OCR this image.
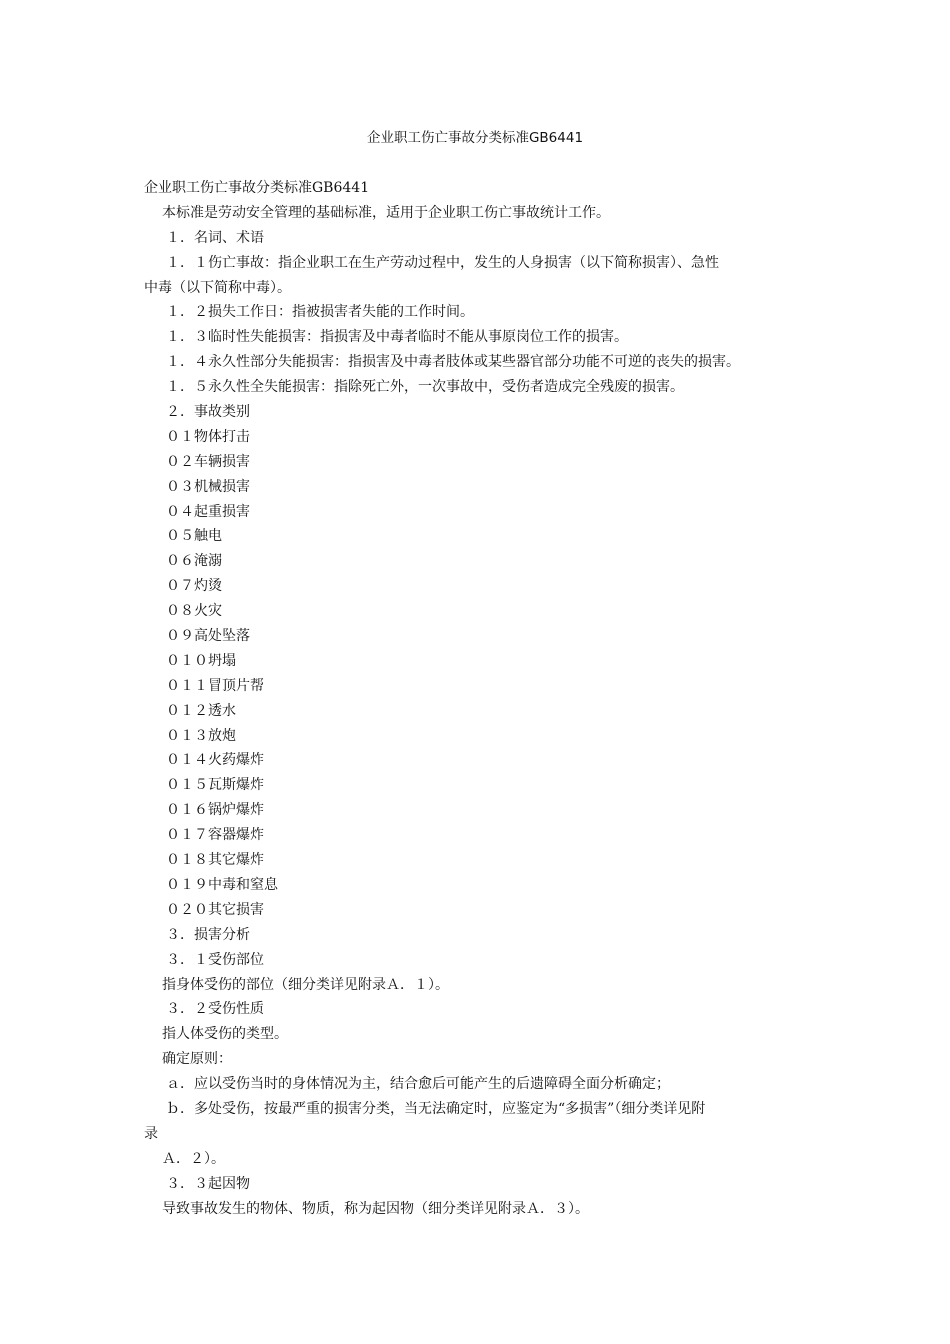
企业职工伤亡事故分类标准GB6441
企业职工伤亡事故分类标准GB6441
本标准是劳动安全管理的基础标准，适用于企业职工伤亡事故统计工作。
１．名词、术语
１．１伤亡事故：指企业职工在生产劳动过程中，发生的人身损害（以下简称损害）、急性
中毒（以下简称中毒）。
１．２损失工作日：指被损害者失能的工作时间。
１．３临时性失能损害：指损害及中毒者临时不能从事原岗位工作的损害。
１．４永久性部分失能损害：指损害及中毒者肢体或某些器官部分功能不可逆的丧失的损害。
１．５永久性全失能损害：指除死亡外，一次事故中，受伤者造成完全残废的损害。
２．事故类别
０１物体打击
０２车辆损害
０３机械损害
０４起重损害
０５触电
０６淹溺
０７灼烫
０８火灾
０９高处坠落
０１０坍塌
０１１冒顶片帮
０１２透水
０１３放炮
０１４火药爆炸
０１５瓦斯爆炸
０１６锅炉爆炸
０１７容器爆炸
０１８其它爆炸
０１９中毒和窒息
０２０其它损害
３．损害分析
３．１受伤部位
指身体受伤的部位（细分类详见附录Ａ．１）。
３．２受伤性质
指人体受伤的类型。
确定原则：
ａ．应以受伤当时的身体情况为主，结合愈后可能产生的后遗障碍全面分析确定；
ｂ．多处受伤，按最严重的损害分类，当无法确定时，应鉴定为“多损害”（细分类详见附
录
Ａ．２）。
３．３起因物
导致事故发生的物体、物质，称为起因物（细分类详见附录Ａ．３）。
